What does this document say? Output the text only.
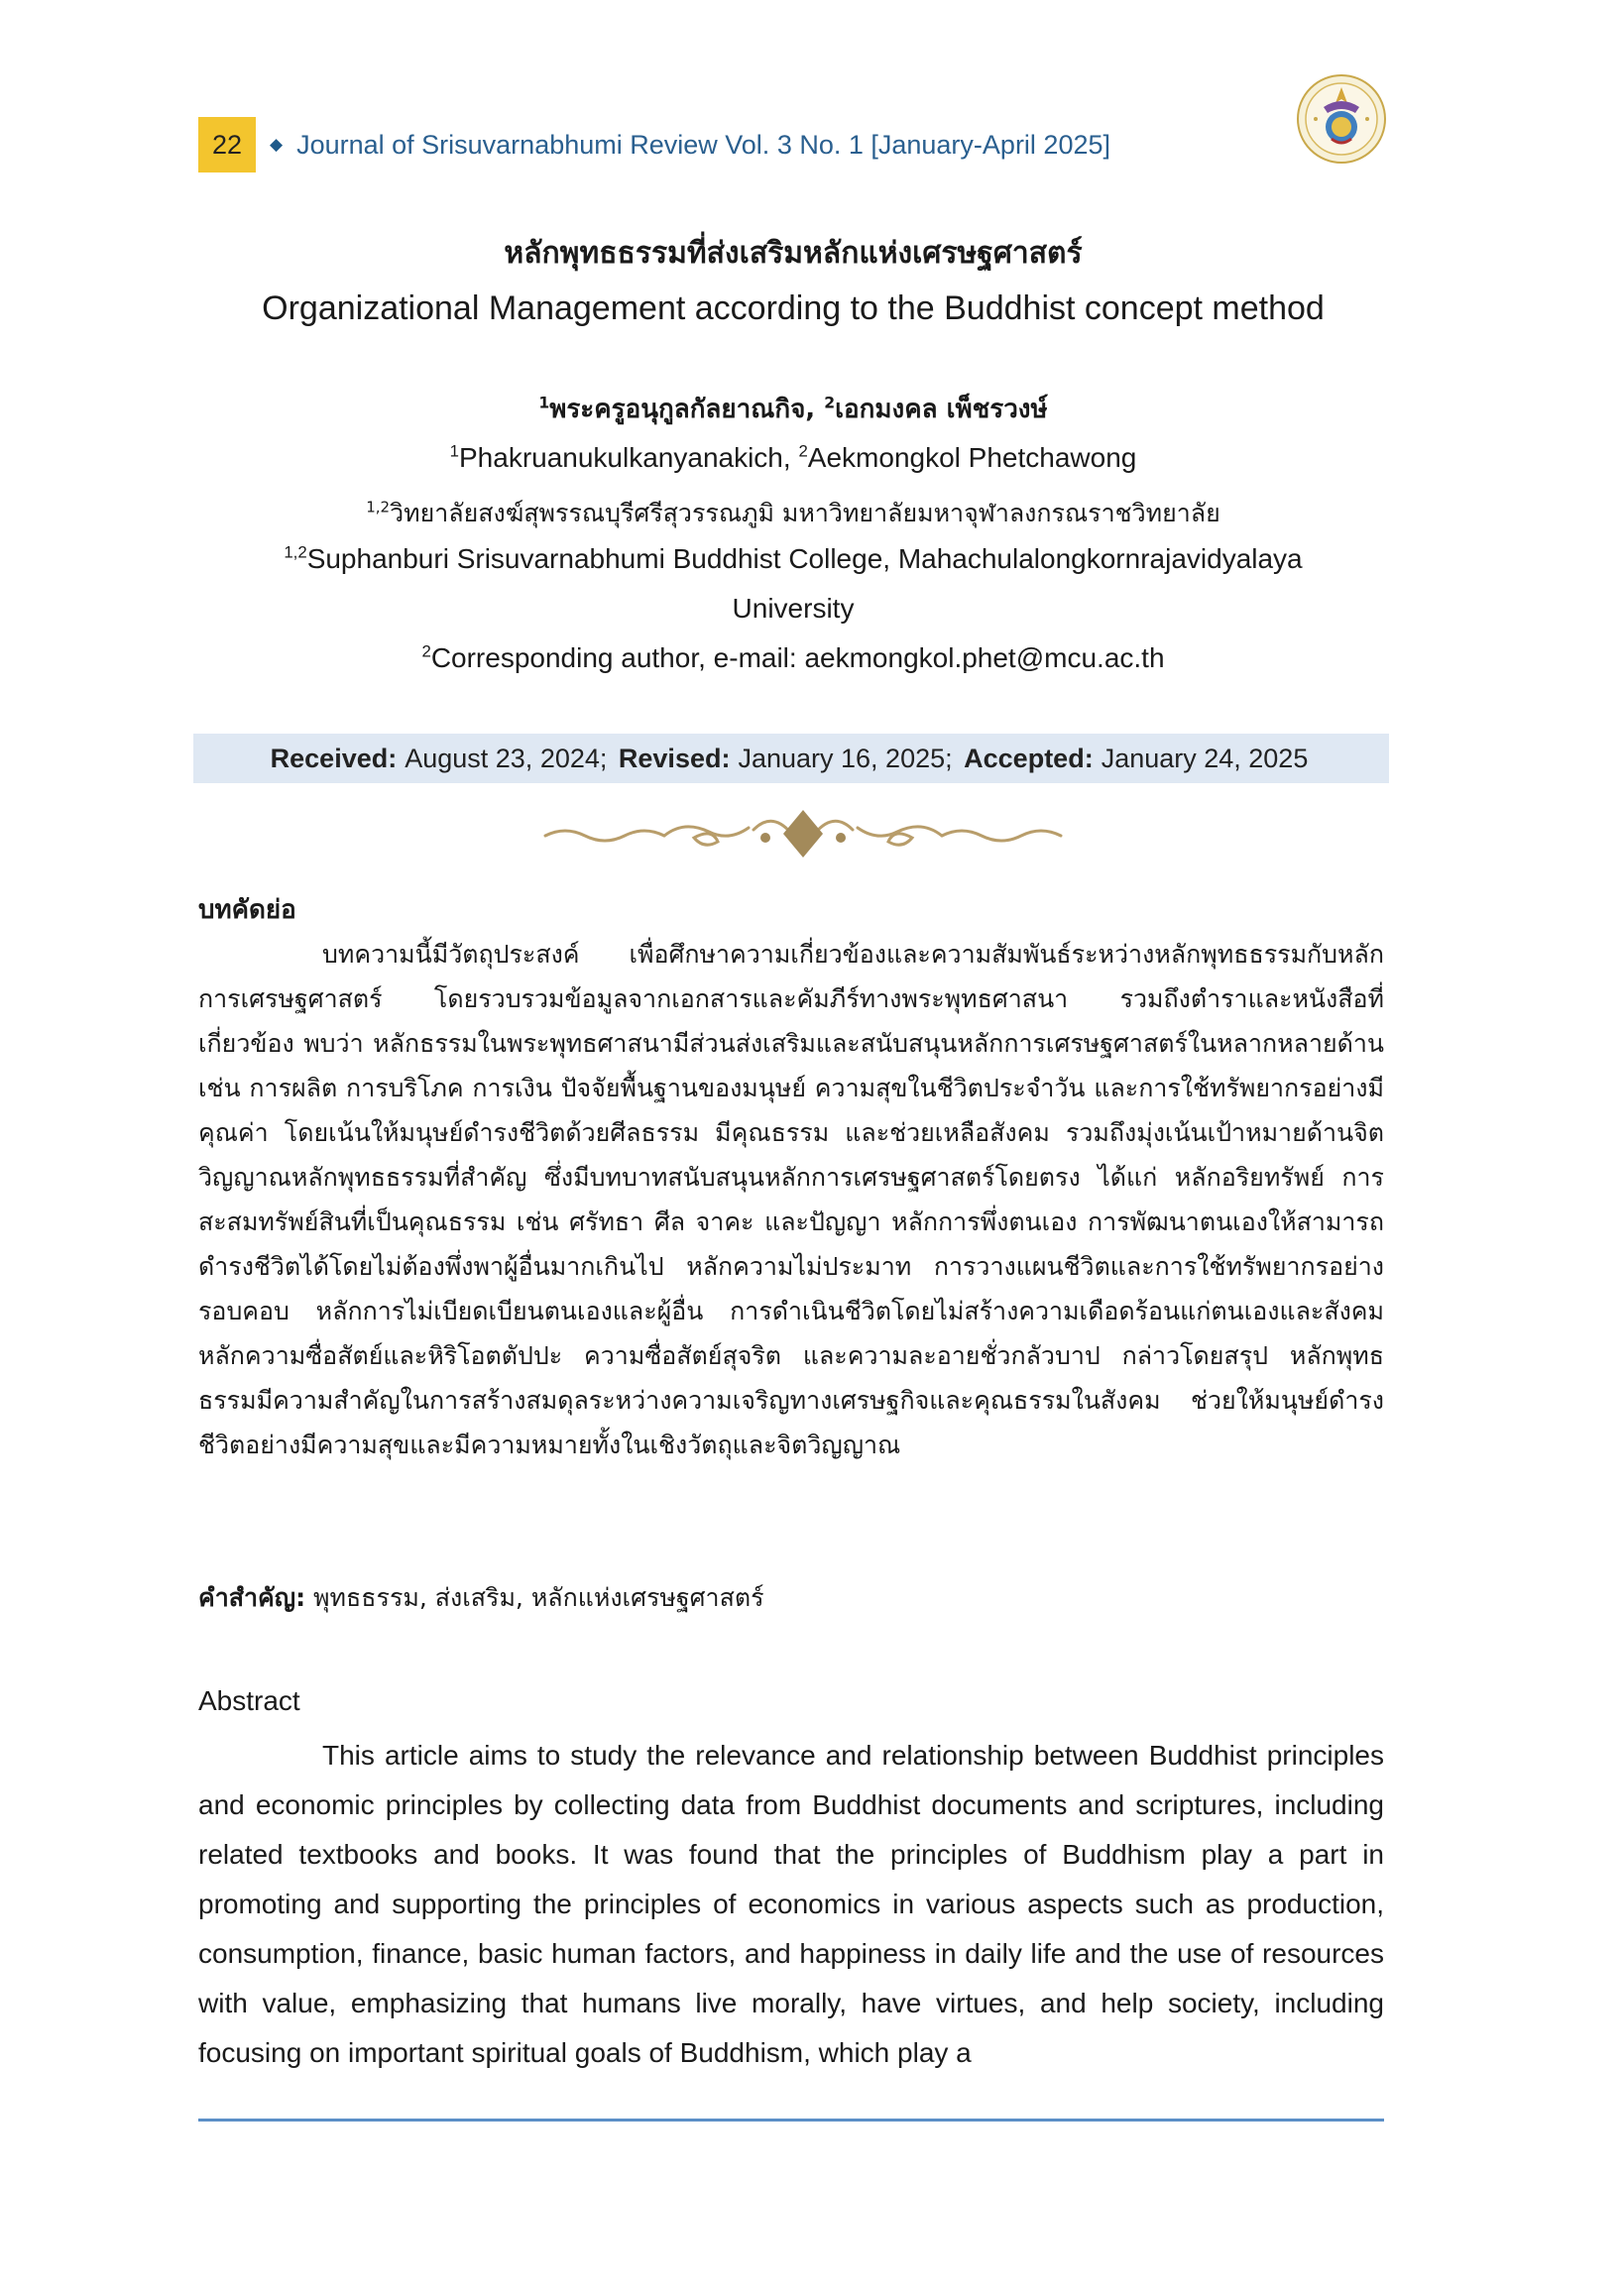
22	◆ Journal of Srisuvarnabhumi Review Vol. 3 No. 1 [January-April 2025]
หลักพุทธธรรมที่ส่งเสริมหลักแห่งเศรษฐศาสตร์
Organizational Management according to the Buddhist concept method
$^1$พระครูอนุกูลกัลยาณกิจ, $^2$เอกมงคล เพ็ชรวงษ์
$^1$Phakruanukulkanyanakich, $^2$Aekmongkol Phetchawong
$^{1,2}$วิทยาลัยสงฆ์สุพรรณบุรีศรีสุวรรณภูมิ มหาวิทยาลัยมหาจุฬาลงกรณราชวิทยาลัย
$^{1,2}$Suphanburi Srisuvarnabhumi Buddhist College, Mahachulalongkornrajavidyalaya
University
$^2$Corresponding author, e-mail: aekmongkol.phet@mcu.ac.th
Received: August 23, 2024;
Revised: January 16, 2025;
Accepted: January 24, 2025
บทคัดย่อ
บทความนี้มีวัตถุประสงค์ เพื่อศึกษาความเกี่ยวข้องและความสัมพันธ์ระหว่างหลักพุทธธรรมกับหลักการเศรษฐศาสตร์ โดยรวบรวมข้อมูลจากเอกสารและคัมภีร์ทางพระพุทธศาสนา รวมถึงตำราและหนังสือที่เกี่ยวข้อง พบว่า หลักธรรมในพระพุทธศาสนามีส่วนส่งเสริมและสนับสนุนหลักการเศรษฐศาสตร์ในหลากหลายด้าน เช่น การผลิต การบริโภค การเงิน ปัจจัยพื้นฐานของมนุษย์ ความสุขในชีวิตประจำวัน และการใช้ทรัพยากรอย่างมีคุณค่า โดยเน้นให้มนุษย์ดำรงชีวิตด้วยศีลธรรม มีคุณธรรม และช่วยเหลือสังคม รวมถึงมุ่งเน้นเป้าหมายด้านจิตวิญญาณหลักพุทธธรรมที่สำคัญ ซึ่งมีบทบาทสนับสนุนหลักการเศรษฐศาสตร์โดยตรง ได้แก่ หลักอริยทรัพย์ การสะสมทรัพย์สินที่เป็นคุณธรรม เช่น ศรัทธา ศีล จาคะ และปัญญา หลักการพึ่งตนเอง การพัฒนาตนเองให้สามารถดำรงชีวิตได้โดยไม่ต้องพึ่งพาผู้อื่นมากเกินไป หลักความไม่ประมาท การวางแผนชีวิตและการใช้ทรัพยากรอย่างรอบคอบ หลักการไม่เบียดเบียนตนเองและผู้อื่น การดำเนินชีวิตโดยไม่สร้างความเดือดร้อนแก่ตนเองและสังคม หลักความซื่อสัตย์และหิริโอตตัปปะ ความซื่อสัตย์สุจริต และความละอายชั่วกลัวบาป กล่าวโดยสรุป หลักพุทธธรรมมีความสำคัญในการสร้างสมดุลระหว่างความเจริญทางเศรษฐกิจและคุณธรรมในสังคม ช่วยให้มนุษย์ดำรงชีวิตอย่างมีความสุขและมีความหมายทั้งในเชิงวัตถุและจิตวิญญาณ
คำสำคัญ: พุทธธรรม, ส่งเสริม, หลักแห่งเศรษฐศาสตร์
Abstract
This article aims to study the relevance and relationship between Buddhist principles and economic principles by collecting data from Buddhist documents and scriptures, including related textbooks and books. It was found that the principles of Buddhism play a part in promoting and supporting the principles of economics in various aspects such as production, consumption, finance, basic human factors, and happiness in daily life and the use of resources with value, emphasizing that humans live morally, have virtues, and help society, including focusing on important spiritual goals of Buddhism, which play a
